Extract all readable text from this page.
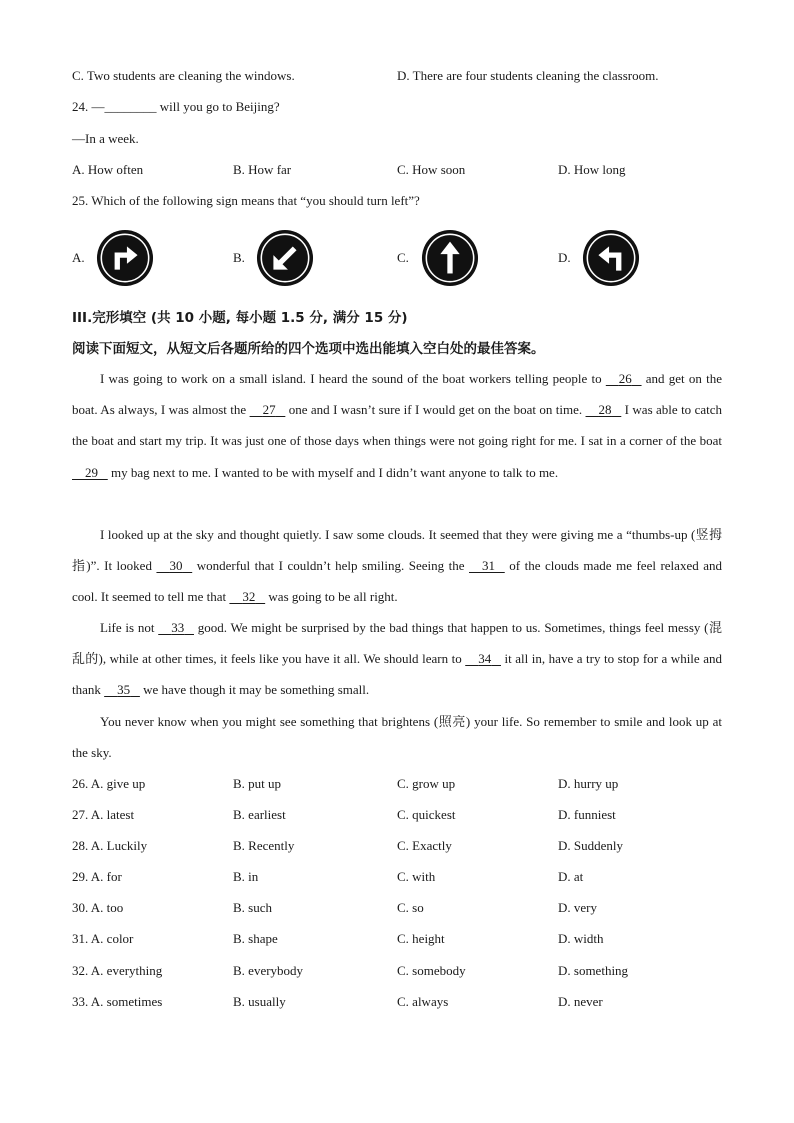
C. Two students are cleaning the windows.	D. There are four students cleaning the classroom.
24. —________ will you go to Beijing?
—In a week.
A. How often	B. How far	C. How soon	D. How long
25. Which of the following sign means that “you should turn left”?
A.	B.	C.	D.
III.完形填空 (共 10 小题, 每小题 1.5 分, 满分 15 分)
阅读下面短文，从短文后各题所给的四个选项中选出能填入空白处的最佳答案。
I was going to work on a small island. I heard the sound of the boat workers telling people to     26    and get on the boat. As always, I was almost the     27    one and I wasn’t sure if I would get on the boat on time.     28    I was able to catch the boat and start my trip. It was just one of those days when things were not going right for me. I sat in a corner of the boat     29    my bag next to me. I wanted to be with myself and I didn’t want anyone to talk to me.
I looked up at the sky and thought quietly. I saw some clouds. It seemed that they were giving me a “thumbs-up (竖拇指)”. It looked     30    wonderful that I couldn’t help smiling. Seeing the     31    of the clouds made me feel relaxed and cool. It seemed to tell me that     32    was going to be all right.
Life is not     33    good. We might be surprised by the bad things that happen to us. Sometimes, things feel messy (混乱的), while at other times, it feels like you have it all. We should learn to     34    it all in, have a try to stop for a while and thank     35    we have though it may be something small.
You never know when you might see something that brightens (照亮) your life. So remember to smile and look up at the sky.
26. A. give up	B. put up	C. grow up	D. hurry up
27. A. latest	B. earliest	C. quickest	D. funniest
28. A. Luckily	B. Recently	C. Exactly	D. Suddenly
29. A. for	B. in	C. with	D. at
30. A. too	B. such	C. so	D. very
31. A. color	B. shape	C. height	D. width
32. A. everything	B. everybody	C. somebody	D. something
33. A. sometimes	B. usually	C. always	D. never
